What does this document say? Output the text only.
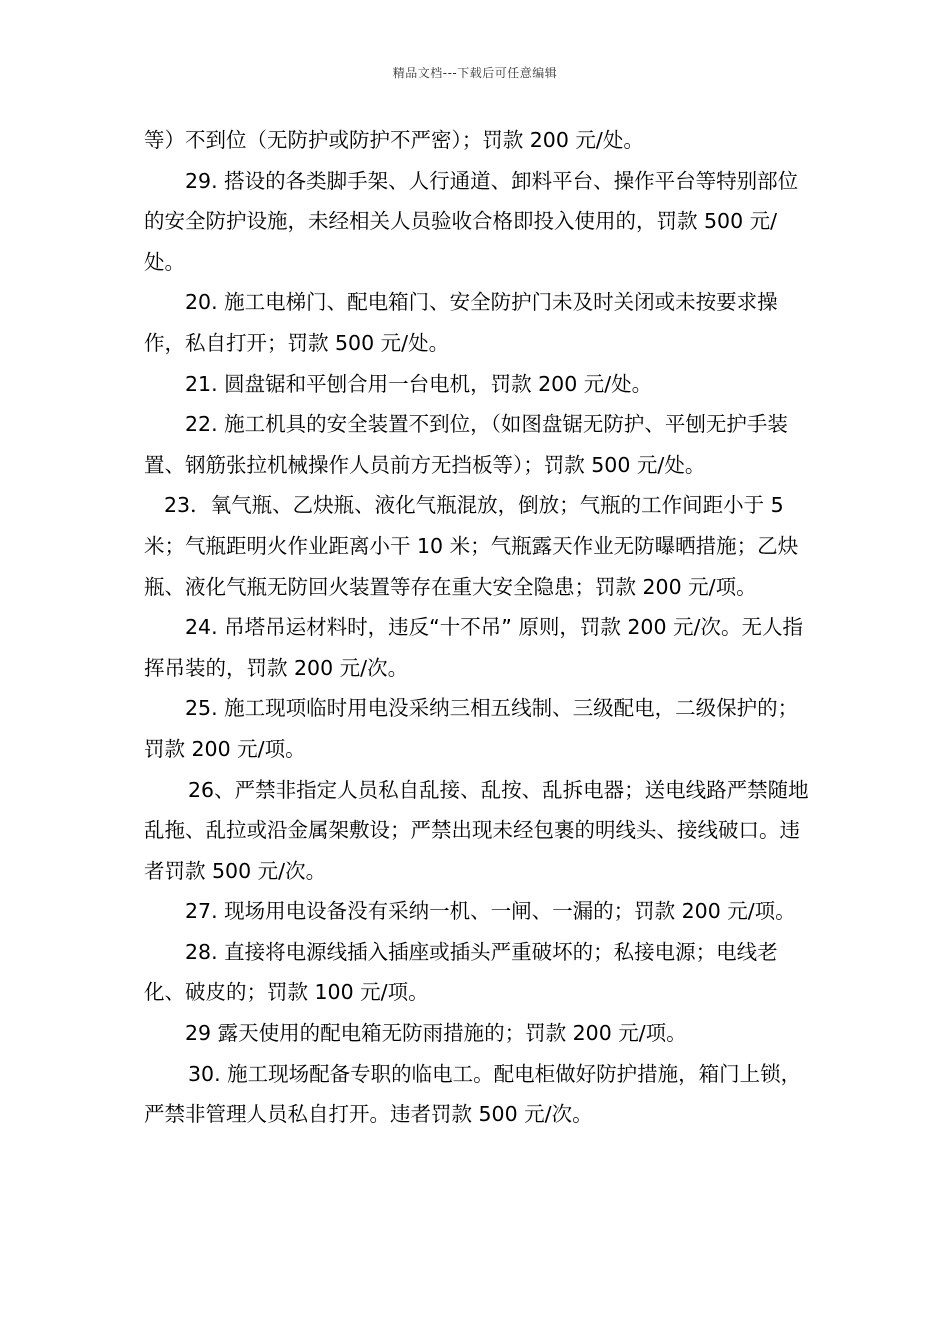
精品文档---下载后可任意编辑

等）不到位（无防护或防护不严密）；罚款 200 元/处。

29. 搭设的各类脚手架、人行通道、卸料平台、操作平台等特别部位的安全防护设施，未经相关人员验收合格即投入使用的，罚款 500 元/处。

20. 施工电梯门、配电箱门、安全防护门未及时关闭或未按要求操作，私自打开；罚款 500 元/处。

21. 圆盘锯和平刨合用一台电机，罚款 200 元/处。

22. 施工机具的安全装置不到位，（如图盘锯无防护、平刨无护手装置、钢筋张拉机械操作人员前方无挡板等）；罚款 500 元/处。

23．氧气瓶、乙炔瓶、液化气瓶混放，倒放；气瓶的工作间距小于 5 米；气瓶距明火作业距离小干 10 米；气瓶露天作业无防曝晒措施；乙炔瓶、液化气瓶无防回火装置等存在重大安全隐患；罚款 200 元/项。

24. 吊塔吊运材料时，违反“十不吊” 原则，罚款 200 元/次。无人指挥吊装的，罚款 200 元/次。

25. 施工现项临时用电没采纳三相五线制、三级配电，二级保护的；罚款 200 元/项。

26、严禁非指定人员私自乱接、乱按、乱拆电器；送电线路严禁随地乱拖、乱拉或沿金属架敷设；严禁出现未经包裹的明线头、接线破口。违者罚款 500 元/次。

27. 现场用电设备没有采纳一机、一闸、一漏的；罚款 200 元/项。

28. 直接将电源线插入插座或插头严重破坏的；私接电源；电线老化、破皮的；罚款 100 元/项。

29 露天使用的配电箱无防雨措施的；罚款 200 元/项。

30. 施工现场配备专职的临电工。配电柜做好防护措施，箱门上锁，严禁非管理人员私自打开。违者罚款 500 元/次。
